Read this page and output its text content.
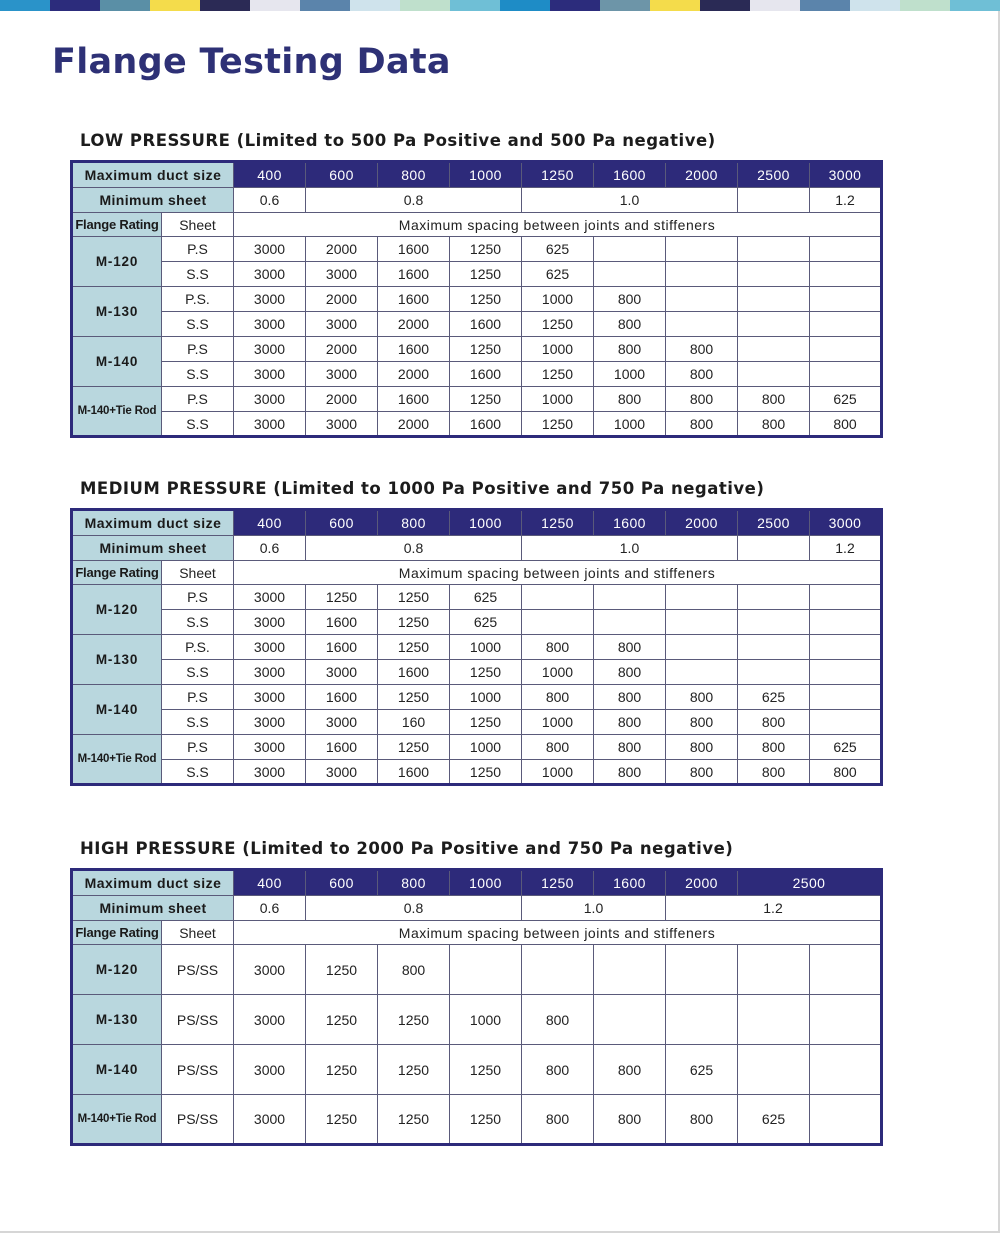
Flange Testing Data
LOW PRESSURE (Limited to 500 Pa Positive and 500 Pa negative)
Maximum duct size		400	600	800	1000	1250	1600	2000	2500	3000
Minimum sheet		0.6	0.8			1.0				1.2
Flange Rating	Sheet	Maximum spacing between joints and stiffeners								
M-120	P.S	3000	2000	1600	1250	625				
	S.S	3000	3000	1600	1250	625				
M-130	P.S.	3000	2000	1600	1250	1000	800			
	S.S	3000	3000	2000	1600	1250	800			
M-140	P.S	3000	2000	1600	1250	1000	800	800		
	S.S	3000	3000	2000	1600	1250	1000	800		
M-140+Tie Rod	P.S	3000	2000	1600	1250	1000	800	800	800	625
	S.S	3000	3000	2000	1600	1250	1000	800	800	800
MEDIUM PRESSURE (Limited to 1000 Pa Positive and 750 Pa negative)
Maximum duct size		400	600	800	1000	1250	1600	2000	2500	3000
Minimum sheet		0.6	0.8			1.0				1.2
Flange Rating	Sheet	Maximum spacing between joints and stiffeners								
M-120	P.S	3000	1250	1250	625					
	S.S	3000	1600	1250	625					
M-130	P.S.	3000	1600	1250	1000	800	800			
	S.S	3000	3000	1600	1250	1000	800			
M-140	P.S	3000	1600	1250	1000	800	800	800	625	
	S.S	3000	3000	160	1250	1000	800	800	800	
M-140+Tie Rod	P.S	3000	1600	1250	1000	800	800	800	800	625
	S.S	3000	3000	1600	1250	1000	800	800	800	800
HIGH PRESSURE (Limited to 2000 Pa Positive and 750 Pa negative)
Maximum duct size		400	600	800	1000	1250	1600	2000	2500	
Minimum sheet		0.6	0.8			1.0		1.2		
Flange Rating	Sheet	Maximum spacing between joints and stiffeners								
M-120	PS/SS	3000	1250	800						
M-130	PS/SS	3000	1250	1250	1000	800				
M-140	PS/SS	3000	1250	1250	1250	800	800	625		
M-140+Tie Rod	PS/SS	3000	1250	1250	1250	800	800	800	625	
